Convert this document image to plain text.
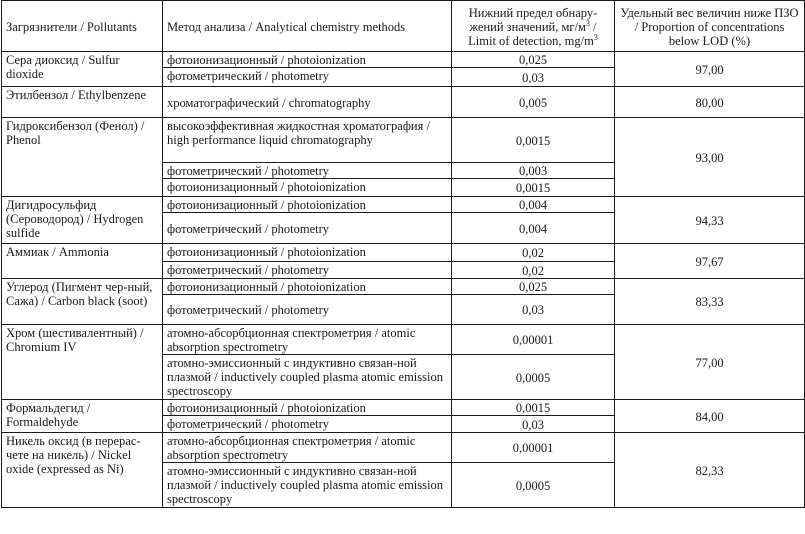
Загрязнители / Pollutants	Метод анализа / Analytical chemistry methods	Нижний предел обнару-жений значений, $мг/м^3$ / Limit of detection, $mg/m^3$	Удельный вес величин ниже ПЗО / Proportion of concentrations below LOD (%)
Сера диоксид / Sulfur dioxide	фотоионизационный / photoionization	0,025	97,00
	фотометрический / photometry	0,03	
Этилбензол / Ethylbenzene	хроматографический / chromatography	0,005	80,00
Гидроксибензол (Фенол) / Phenol	высокоэффективная жидкостная хроматография / high performance liquid chromatography	0,0015	93,00
	фотометрический / photometry	0,003	
	фотоионизационный / photoionization	0,0015	
Дигидросульфид (Сероводород) / Hydrogen sulfide	фотоионизационный / photoionization	0,004	94,33
	фотометрический / photometry	0,004	
Аммиак / Ammonia	фотоионизационный / photoionization	0,02	97,67
	фотометрический / photometry	0,02	
Углерод (Пигмент чер-ный, Сажа) / Carbon black (soot)	фотоионизационный / photoionization	0,025	83,33
	фотометрический / photometry	0,03	
Хром (шестивалентный) / Chromium IV	атомно-абсорбционная спектрометрия / atomic absorption spectrometry	0,00001	77,00
	атомно-эмиссионный с индуктивно связан-ной плазмой / inductively coupled plasma atomic emission spectroscopy	0,0005	
Формальдегид / Formaldehyde	фотоионизационный / photoionization	0,0015	84,00
	фотометрический / photometry	0,03	
Никель оксид (в перерас-чете на никель) / Nickel oxide (expressed as Ni)	атомно-абсорбционная спектрометрия / atomic absorption spectrometry	0,00001	82,33
	атомно-эмиссионный с индуктивно связан-ной плазмой / inductively coupled plasma atomic emission spectroscopy	0,0005	
